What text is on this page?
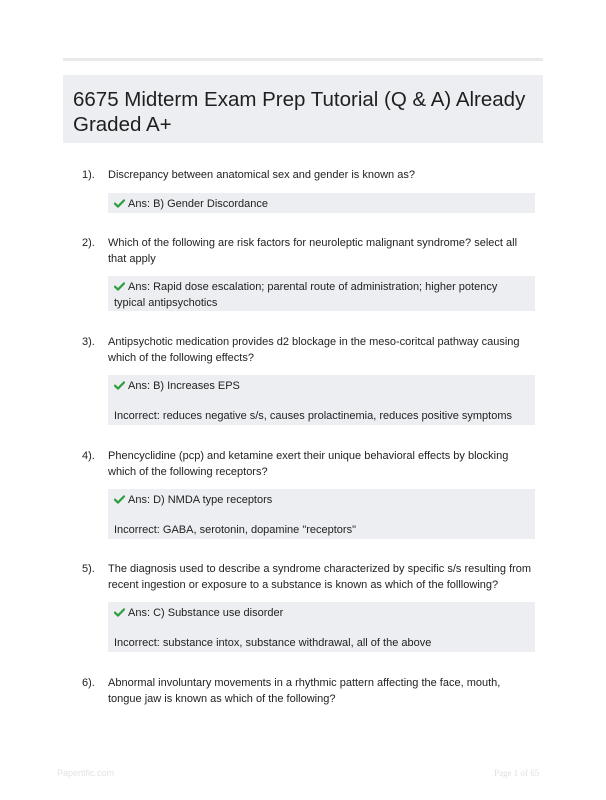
6675 Midterm Exam Prep Tutorial (Q & A) Already Graded A+
1). Discrepancy between anatomical sex and gender is known as?
Ans: B) Gender Discordance
2). Which of the following are risk factors for neuroleptic malignant syndrome? select all that apply
Ans: Rapid dose escalation; parental route of administration; higher potency typical antipsychotics
3). Antipsychotic medication provides d2 blockage in the meso-coritcal pathway causing which of the following effects?
Ans: B) Increases EPS
Incorrect: reduces negative s/s, causes prolactinemia, reduces positive symptoms
4). Phencyclidine (pcp) and ketamine exert their unique behavioral effects by blocking which of the following receptors?
Ans: D) NMDA type receptors
Incorrect: GABA, serotonin, dopamine "receptors"
5). The diagnosis used to describe a syndrome characterized by specific s/s resulting from recent ingestion or exposure to a substance is known as which of the folllowing?
Ans: C) Substance use disorder
Incorrect: substance intox, substance withdrawal, all of the above
6). Abnormal involuntary movements in a rhythmic pattern affecting the face, mouth, tongue jaw is known as which of the following?
Papertific.com	Page 1 of 65
